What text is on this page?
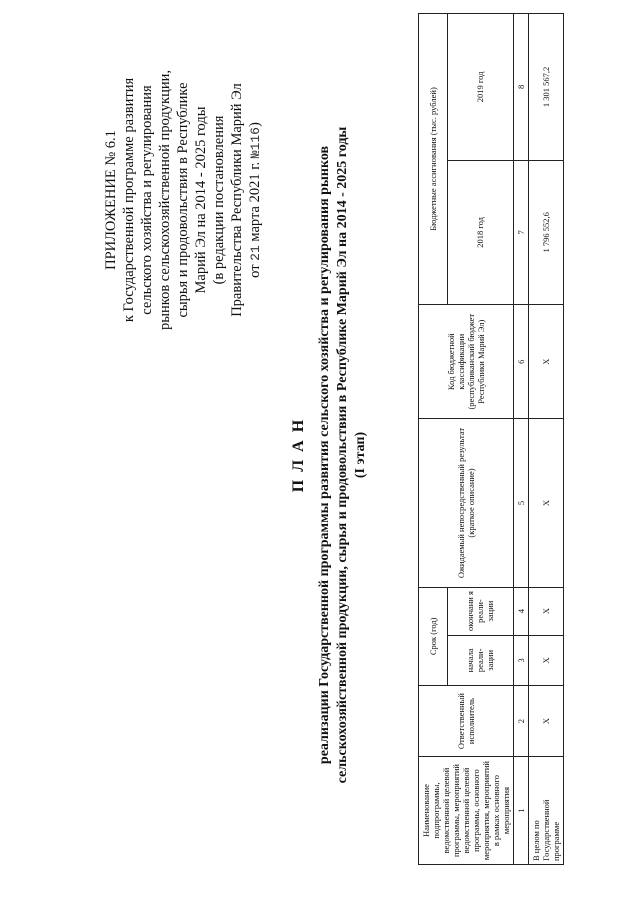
ПРИЛОЖЕНИЕ № 6.1 к Государственной программе развития сельского хозяйства и регулирования рынков сельскохозяйственной продукции, сырья и продовольствия в Республике Марий Эл на 2014 - 2025 годы (в редакции постановления Правительства Республики Марий Эл от 21 марта 2021 г. №116)
П Л А Н реализации Государственной программы развития сельского хозяйства и регулирования рынков сельскохозяйственной продукции, сырья и продовольствия в Республике Марий Эл на 2014 - 2025 годы (I этап)
Наименование подпрограммы, ведомственной целевой программы, мероприятий ведомственной целевой программы, основного мероприятия, мероприятий в рамках основного мероприятия	Ответственный исполнитель	Срок (год)		Ожидаемый непосредственный результат (краткое описание)	Код бюджетной классификации (республиканский бюджет Республики Марий Эл)	Бюджетные ассигнования (тыс. рублей)	
		начала реали-зации	окончани я реали-зации			2018 год	2019 год
1	2	3	4	5	6	7	8
В целом по Государственной программе	X	X	X	X	X	1 796 552,6	1 301 567,2
